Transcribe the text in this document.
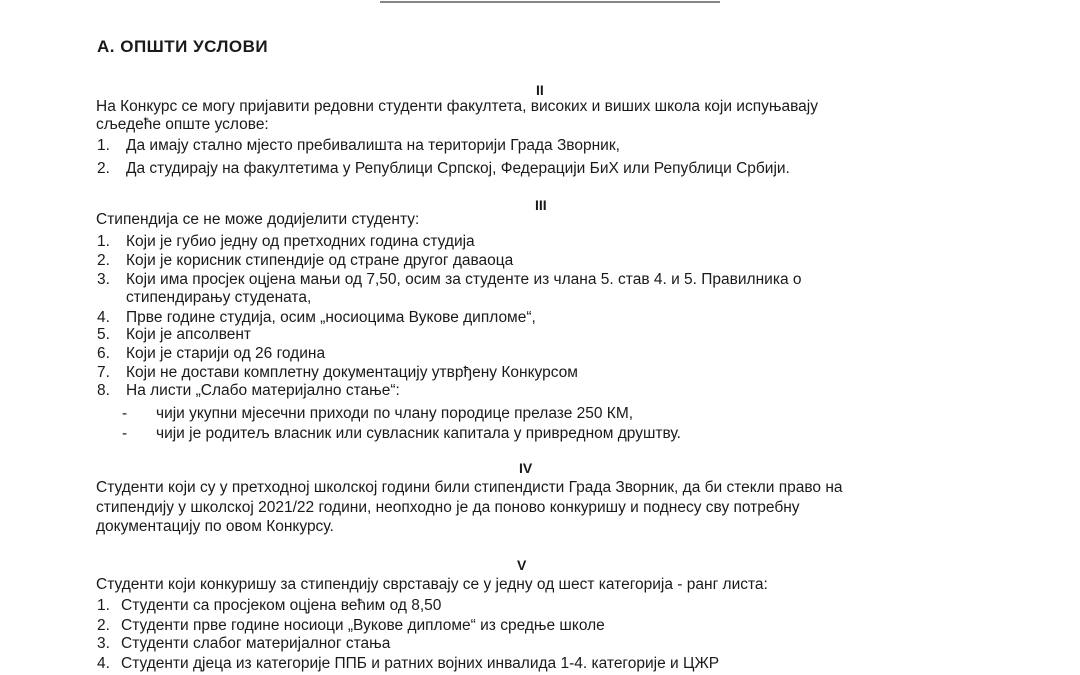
А. ОПШТИ УСЛОВИ
II
На Конкурс се могу пријавити редовни студенти факултета, високих и виших школа који испуњавају
сљедеће опште услове:
1. Да имају стално мјесто пребивалишта на територији Града Зворник,
2. Да студирају на факултетима у Републици Српској, Федерацији БиХ или Републици Србији.
III
Стипендија се не може додијелити студенту:
1. Који је губио једну од претходних година студија
2. Који је корисник стипендије од стране другог даваоца
3. Који има просјек оцјена мањи од 7,50, осим за студенте из члана 5. став 4. и 5. Правилника о
стипендирању студената,
4. Прве године студија, осим „носиоцима Вукове дипломе“,
5. Који је апсолвент
6. Који је старији од 26 година
7. Који не достави комплетну документацију утврђену Конкурсом
8. На листи „Слабо материјално стање“:
- чији укупни мјесечни приходи по члану породице прелазе 250 КМ,
- чији је родитељ власник или сувласник капитала у привредном друштву.
IV
Студенти који су у претходној школској години били стипендисти Града Зворник, да би стекли право на
стипендију у школској 2021/22 години, неопходно је да поново конкуришу и поднесу сву потребну
документацију по овом Конкурсу.
V
Студенти који конкуришу за стипендију сврставају се у једну од шест категорија - ранг листа:
1. Студенти са просјеком оцјена већим од 8,50
2. Студенти прве године носиоци „Вукове дипломе“ из средње школе
3. Студенти слабог материјалног стања
4. Студенти дјеца из категорије ППБ и ратних војних инвалида 1-4. категорије и ЦЖР
